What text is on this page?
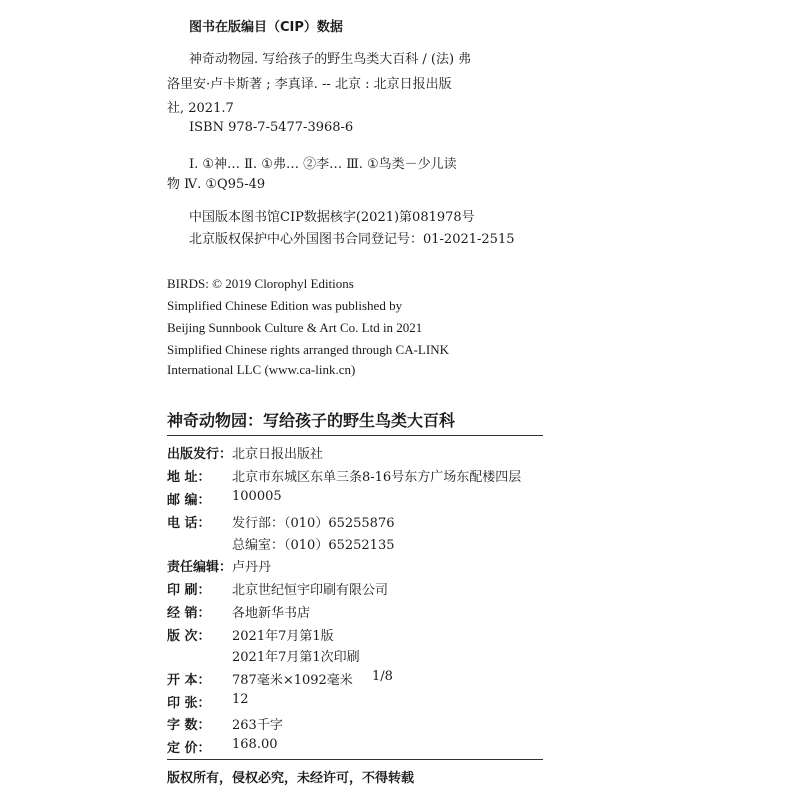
图书在版编目（CIP）数据
神奇动物园. 写给孩子的野生鸟类大百科 / (法) 弗
洛里安·卢卡斯著 ; 李真译. -- 北京 : 北京日报出版
社, 2021.7
ISBN 978-7-5477-3968-6
Ⅰ. ①神… Ⅱ. ①弗… ②李… Ⅲ. ①鸟类－少儿读
物 Ⅳ. ①Q95-49
中国版本图书馆CIP数据核字(2021)第081978号
北京版权保护中心外国图书合同登记号：01-2021-2515
BIRDS: © 2019 Clorophyl Editions
Simplified Chinese Edition was published by
Beijing Sunnbook Culture & Art Co. Ltd in 2021
Simplified Chinese rights arranged through CA-LINK
International LLC (www.ca-link.cn)
神奇动物园：写给孩子的野生鸟类大百科
出版发行： 北京日报出版社
地 址： 北京市东城区东单三条8-16号东方广场东配楼四层
邮 编： 100005
电 话： 发行部：（010）65255876
总编室：（010）65252135
责任编辑： 卢丹丹
印 刷： 北京世纪恒宇印刷有限公司
经 销： 各地新华书店
版 次： 2021年7月第1版
2021年7月第1次印刷
开 本： 787毫米×1092毫米 1/8
印 张： 12
字 数： 263千字
定 价： 168.00
版权所有，侵权必究，未经许可，不得转载
